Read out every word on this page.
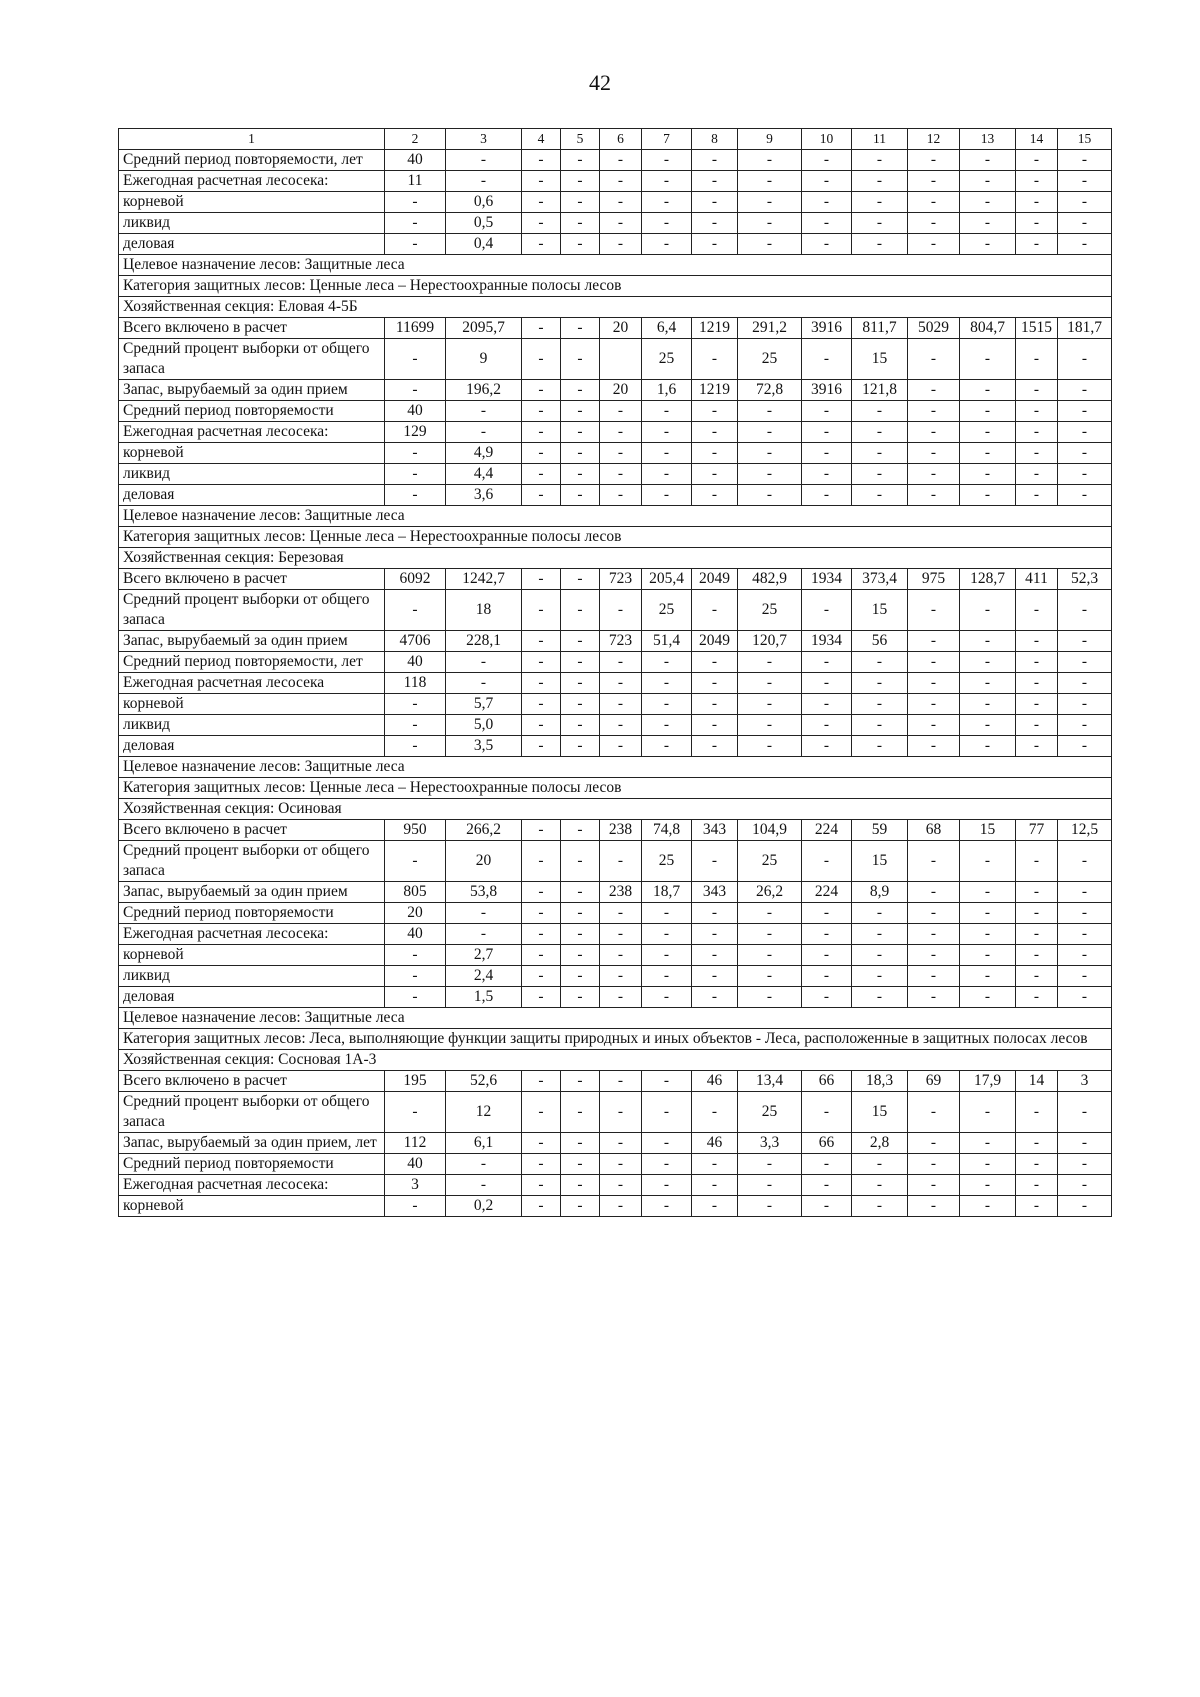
42
1	2	3	4	5	6	7	8	9	10	11	12	13	14	15
Средний период повторяемости, лет	40	-	-	-	-	-	-	-	-	-	-	-	-	-
Ежегодная расчетная лесосека:	11	-	-	-	-	-	-	-	-	-	-	-	-	-
корневой	-	0,6	-	-	-	-	-	-	-	-	-	-	-	-
ликвид	-	0,5	-	-	-	-	-	-	-	-	-	-	-	-
деловая	-	0,4	-	-	-	-	-	-	-	-	-	-	-	-
Целевое назначение лесов: Защитные леса														
Категория защитных лесов: Ценные леса – Нерестоохранные полосы лесов														
Хозяйственная секция: Еловая 4-5Б														
Всего включено в расчет	11699	2095,7	-	-	20	6,4	1219	291,2	3916	811,7	5029	804,7	1515	181,7
Средний процент выборки от общего запаса	-	9	-	-		25	-	25	-	15	-	-	-	-
Запас, вырубаемый за один прием	-	196,2	-	-	20	1,6	1219	72,8	3916	121,8	-	-	-	-
Средний период повторяемости	40	-	-	-	-	-	-	-	-	-	-	-	-	-
Ежегодная расчетная лесосека:	129	-	-	-	-	-	-	-	-	-	-	-	-	-
корневой	-	4,9	-	-	-	-	-	-	-	-	-	-	-	-
ликвид	-	4,4	-	-	-	-	-	-	-	-	-	-	-	-
деловая	-	3,6	-	-	-	-	-	-	-	-	-	-	-	-
Целевое назначение лесов: Защитные леса														
Категория защитных лесов: Ценные леса – Нерестоохранные полосы лесов														
Хозяйственная секция: Березовая														
Всего включено в расчет	6092	1242,7	-	-	723	205,4	2049	482,9	1934	373,4	975	128,7	411	52,3
Средний процент выборки от общего запаса	-	18	-	-	-	25	-	25	-	15	-	-	-	-
Запас, вырубаемый за один прием	4706	228,1	-	-	723	51,4	2049	120,7	1934	56	-	-	-	-
Средний период повторяемости, лет	40	-	-	-	-	-	-	-	-	-	-	-	-	-
Ежегодная расчетная лесосека	118	-	-	-	-	-	-	-	-	-	-	-	-	-
корневой	-	5,7	-	-	-	-	-	-	-	-	-	-	-	-
ликвид	-	5,0	-	-	-	-	-	-	-	-	-	-	-	-
деловая	-	3,5	-	-	-	-	-	-	-	-	-	-	-	-
Целевое назначение лесов: Защитные леса														
Категория защитных лесов: Ценные леса – Нерестоохранные полосы лесов														
Хозяйственная секция: Осиновая														
Всего включено в расчет	950	266,2	-	-	238	74,8	343	104,9	224	59	68	15	77	12,5
Средний процент выборки от общего запаса	-	20	-	-	-	25	-	25	-	15	-	-	-	-
Запас, вырубаемый за один прием	805	53,8	-	-	238	18,7	343	26,2	224	8,9	-	-	-	-
Средний период повторяемости	20	-	-	-	-	-	-	-	-	-	-	-	-	-
Ежегодная расчетная лесосека:	40	-	-	-	-	-	-	-	-	-	-	-	-	-
корневой	-	2,7	-	-	-	-	-	-	-	-	-	-	-	-
ликвид	-	2,4	-	-	-	-	-	-	-	-	-	-	-	-
деловая	-	1,5	-	-	-	-	-	-	-	-	-	-	-	-
Целевое назначение лесов: Защитные леса														
Категория защитных лесов: Леса, выполняющие функции защиты природных и иных объектов - Леса, расположенные в защитных полосах лесов														
Хозяйственная секция: Сосновая 1А-3														
Всего включено в расчет	195	52,6	-	-	-	-	46	13,4	66	18,3	69	17,9	14	3
Средний процент выборки от общего запаса	-	12	-	-	-	-	-	25	-	15	-	-	-	-
Запас, вырубаемый за один прием, лет	112	6,1	-	-	-	-	46	3,3	66	2,8	-	-	-	-
Средний период повторяемости	40	-	-	-	-	-	-	-	-	-	-	-	-	-
Ежегодная расчетная лесосека:	3	-	-	-	-	-	-	-	-	-	-	-	-	-
корневой	-	0,2	-	-	-	-	-	-	-	-	-	-	-	-
